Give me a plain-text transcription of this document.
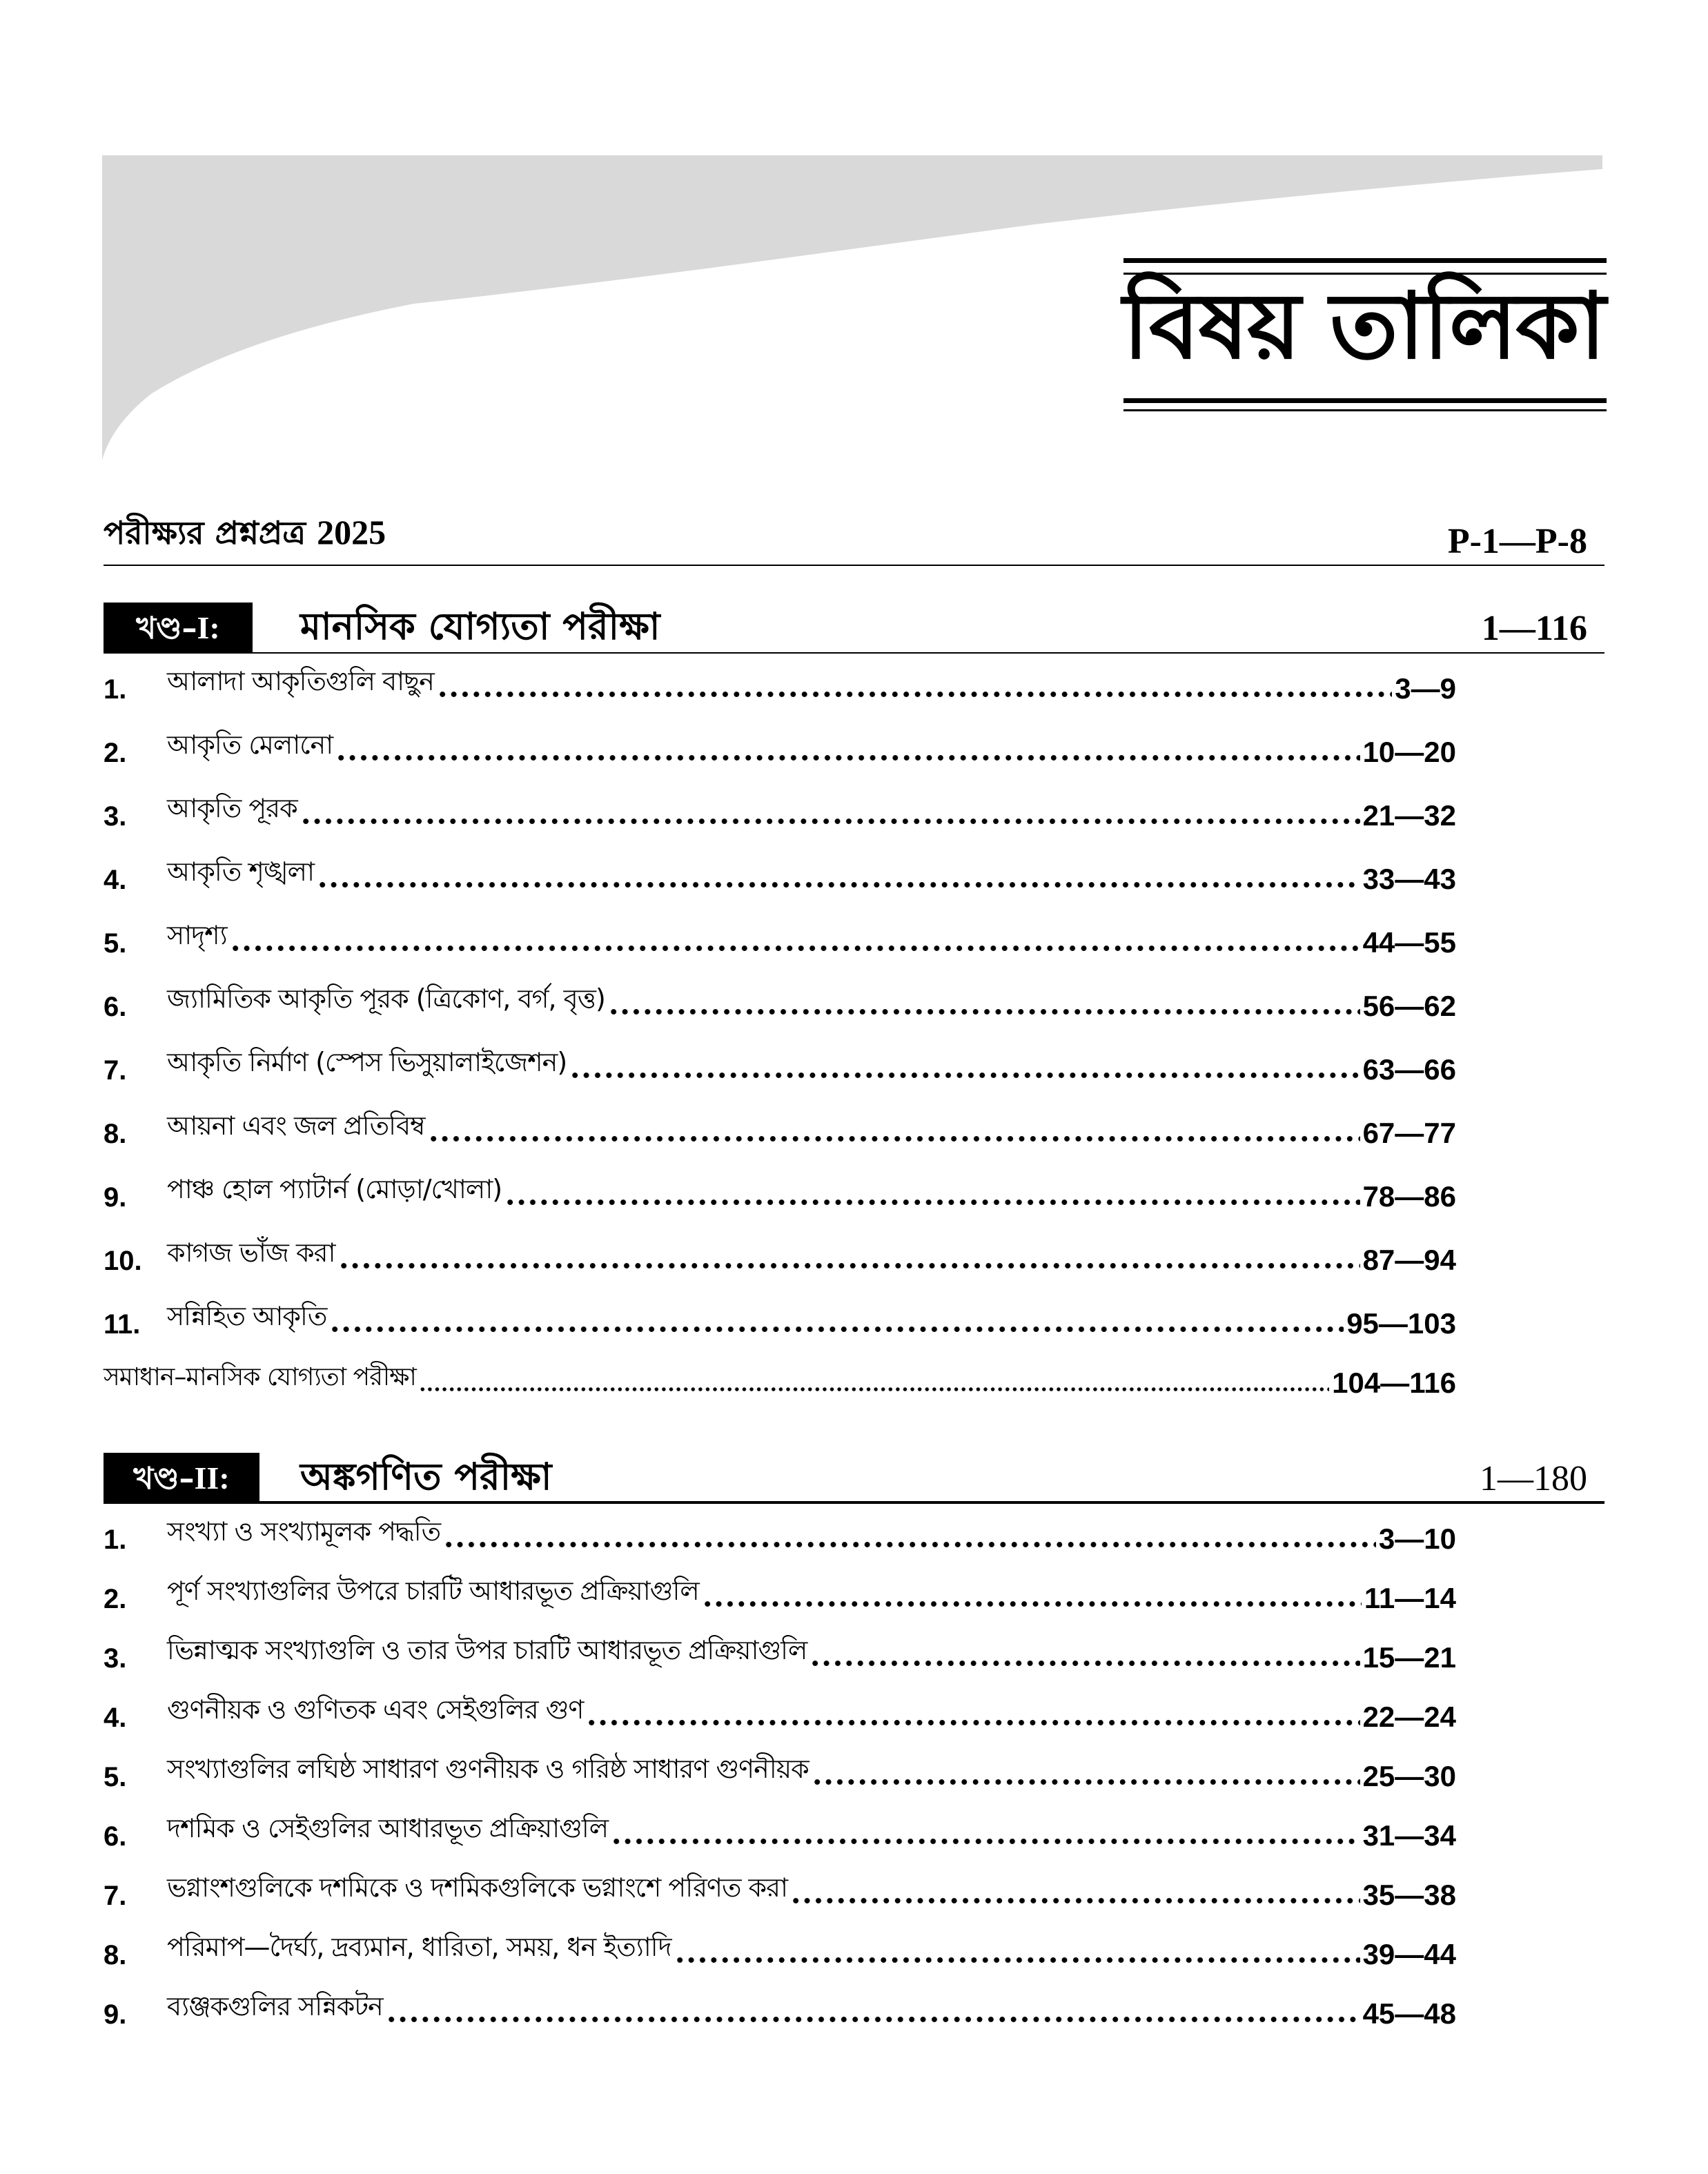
বিষয় তালিকা
পরীক্ষ্যর প্রশ্নপ্রত্র 2025	P-1—P-8
খণ্ড–I:	মানসিক যোগ্যতা পরীক্ষা	1—116
1.	আলাদা আকৃতিগুলি বাছুন	3—9
2.	আকৃতি মেলানো	10—20
3.	আকৃতি পূরক	21—32
4.	আকৃতি শৃঙ্খলা	33—43
5.	সাদৃশ্য	44—55
6.	জ্যামিতিক আকৃতি পূরক (ত্রিকোণ, বর্গ, বৃত্ত)	56—62
7.	আকৃতি নির্মাণ (স্পেস ভিসুয়ালাইজেশন)	63—66
8.	আয়না এবং জল প্রতিবিম্ব	67—77
9.	পাঞ্চ হোল প্যাটার্ন (মোড়া/খোলা)	78—86
10. কাগজ ভাঁজ করা	87—94
11.	সন্নিহিত আকৃতি	95—103
সমাধান–মানসিক যোগ্যতা পরীক্ষা	104—116
খণ্ড–II:	অঙ্কগণিত পরীক্ষা	1—180
1.	সংখ্যা ও সংখ্যামূলক পদ্ধতি	3—10
2.	পূর্ণ সংখ্যাগুলির উপরে চারটি আধারভূত প্রক্রিয়াগুলি	11—14
3.	ভিন্নাত্মক সংখ্যাগুলি ও তার উপর চারটি আধারভূত প্রক্রিয়াগুলি	15—21
4.	গুণনীয়ক ও গুণিতক এবং সেইগুলির গুণ	22—24
5.	সংখ্যাগুলির লঘিষ্ঠ সাধারণ গুণনীয়ক ও গরিষ্ঠ সাধারণ গুণনীয়ক	25—30
6.	দশমিক ও সেইগুলির আধারভূত প্রক্রিয়াগুলি	31—34
7.	ভগ্নাংশগুলিকে দশমিকে ও দশমিকগুলিকে ভগ্নাংশে পরিণত করা	35—38
8.	পরিমাপ—দৈর্ঘ্য, দ্রব্যমান, ধারিতা, সময়, ধন ইত্যাদি	39—44
9.	ব্যঞ্জকগুলির সন্নিকটন	45—48
